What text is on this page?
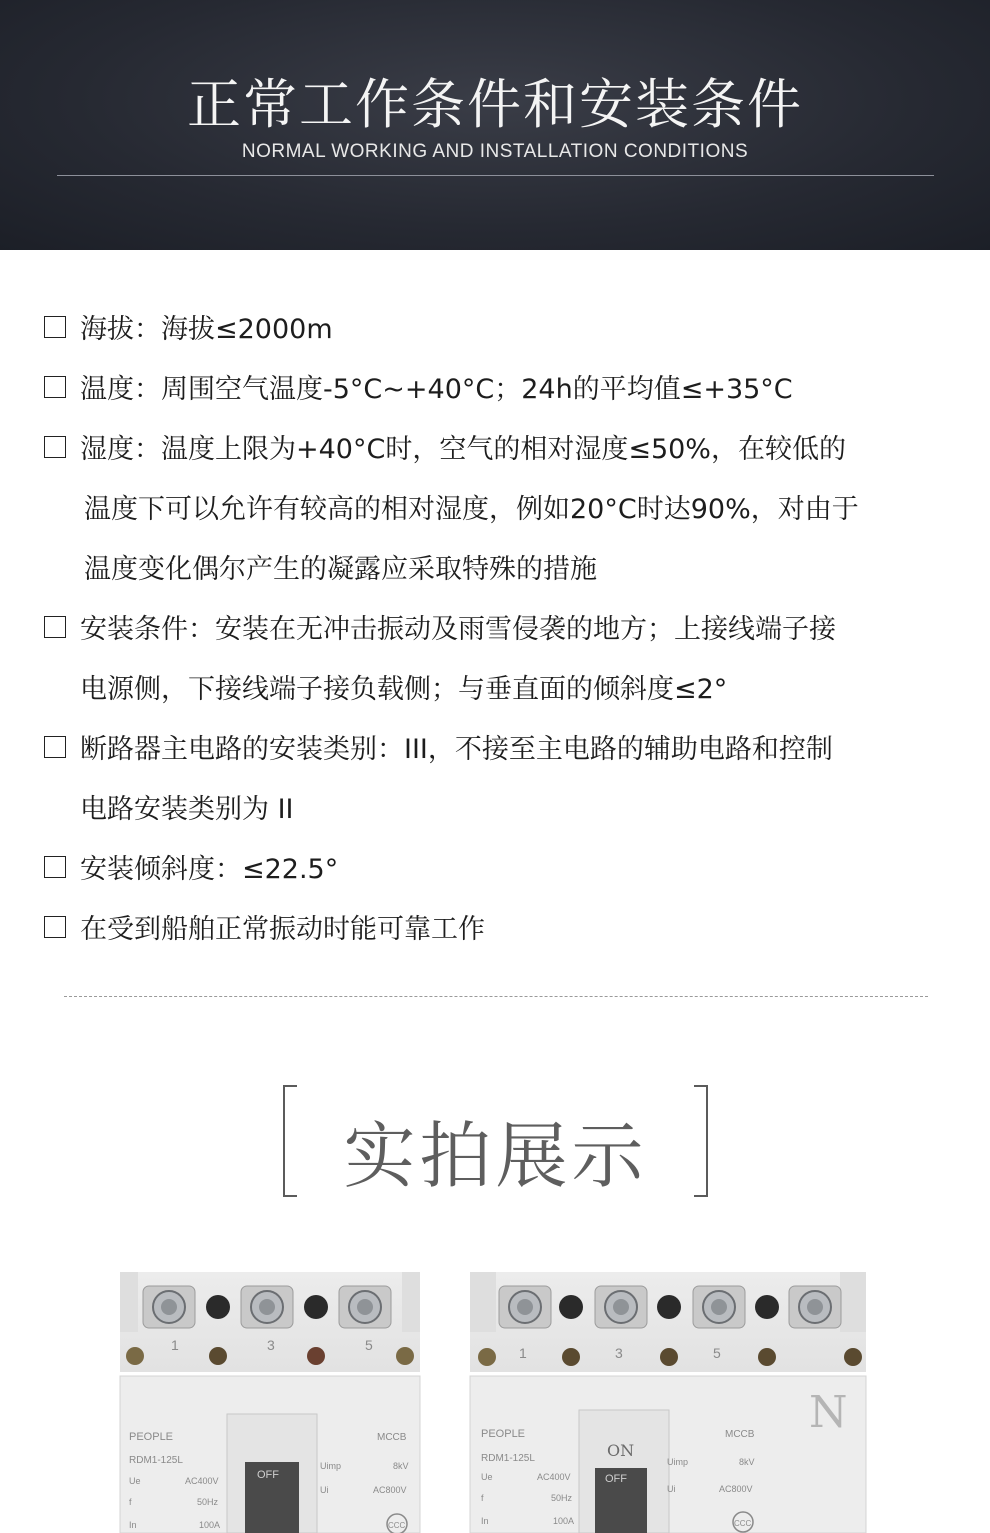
正常工作条件和安装条件
NORMAL WORKING AND INSTALLATION CONDITIONS
海拔：海拔≤2000m
温度：周围空气温度-5°C~+40°C；24h的平均值≤+35°C
湿度：温度上限为+40°C时，空气的相对湿度≤50%，在较低的
温度下可以允许有较高的相对湿度，例如20°C时达90%，对由于
温度变化偶尔产生的凝露应采取特殊的措施
安装条件：安装在无冲击振动及雨雪侵袭的地方；上接线端子接
电源侧，下接线端子接负载侧；与垂直面的倾斜度≤2°
断路器主电路的安装类别：III，不接至主电路的辅助电路和控制
电路安装类别为 II
安装倾斜度：≤22.5°
在受到船舶正常振动时能可靠工作
实拍展示
1	3	5
OFF
PEOPLE
RDM1-125L
Ue	AC400V
f	50Hz
In	100A
MCCB
Uimp	8kV
Ui	AC800V
CCC
1	3	5
N
ON
OFF
PEOPLE
RDM1-125L
Ue	AC400V
f	50Hz
In	100A
MCCB
Uimp	8kV
Ui	AC800V
CCC
